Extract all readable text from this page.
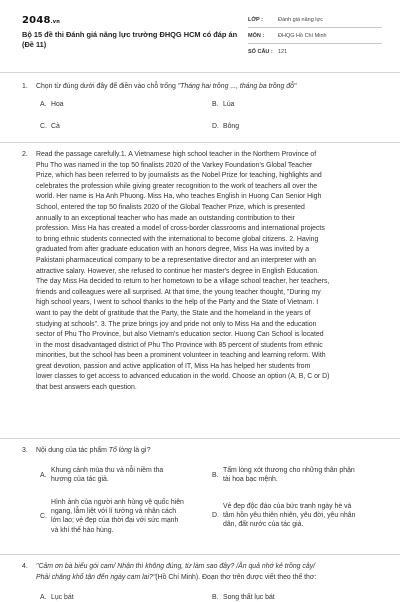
2048.vn
Bộ 15 đề thi Đánh giá năng lực trường ĐHQG HCM có đáp án (Đề 11)
LỚP :	Đánh giá năng lực
MÔN :	ĐHQG Hồ Chí Minh
SỐ CÂU : 121
1. Chọn từ đúng dưới đây để điền vào chỗ trống "Tháng hai trồng ..., tháng ba trồng đỗ"
A. Hoa	B. Lúa
C. Cà	D. Bông
2. Read the passage carefully.1. A Vietnamese high school teacher in the Northern Province of
Phu Tho was named in the top 50 finalists 2020 of the Varkey Foundation's Global Teacher
Prize, which has been referred to by journalists as the Nobel Prize for teaching, highlights and
celebrates the profession while giving greater recognition to the work of teachers all over the
world. Her name is Ha Anh Phuong. Miss Ha, who teaches English in Huong Can Senior High
School, entered the top 50 finalists 2020 of the Global Teacher Prize, which is presented
annually to an exceptional teacher who has made an outstanding contribution to their
profession. Miss Ha has created a model of cross-border classrooms and international projects
to bring ethnic students connected with the international to become global citizens. 2. Having
graduated from after graduate education with an honors degree, Miss Ha was invited by a
Pakistani pharmaceutical company to be a representative director and an interpreter with an
attractive salary. However, she refused to continue her master's degree in English Education.
The day Miss Ha decided to return to her hometown to be a village school teacher, her teachers,
friends and colleagues were all surprised. At that time, the young teacher thought, "During my
high school years, I went to school thanks to the help of the Party and the State of Vietnam. I
want to pay the debt of gratitude that the Party, the State and the homeland in the years of
studying at schools". 3. The prize brings joy and pride not only to Miss Ha and the education
sector of Phu Tho Province, but also Vietnam's education sector. Huong Can School is located
in the most disadvantaged district of Phu Tho Province with 85 percent of students from ethnic
minorities, but the school has been a prominent volunteer in teaching and learning reform. With
great devotion, passion and active application of IT, Miss Ha has helped her students from
lower classes to get access to advanced education in the world. Choose an option (A, B, C or D)
that best answers each question.
3. Nội dung của tác phẩm Tố lòng là gì?
A.
Khung cảnh mùa thu và nỗi niềm tha
hương của tác giả.
B.
Tấm lòng xót thương cho những thân phận
tài hoa bạc mệnh.
C.
Hình ảnh của người anh hùng vệ quốc hiên
ngang, lẫm liệt với lí tưởng và nhân cách
lớn lao; vẻ đẹp của thời đại với sức mạnh
và khí thế hào hùng.
D.
Vẻ đẹp độc đáo của bức tranh ngày hè và
tâm hồn yêu thiên nhiên, yêu đời, yêu nhân
dân, đất nước của tác giả.
4. "Cảm ơn bà biểu gói cam/ Nhận thì không đúng, từ làm sao đây? /Ăn quả nhớ kẻ trồng cây/
Phải chăng khổ tận đến ngày cam lai?"(Hồ Chí Minh). Đoạn thơ trên được viết theo thể thơ:
A. Lục bát	B. Song thất lục bát
